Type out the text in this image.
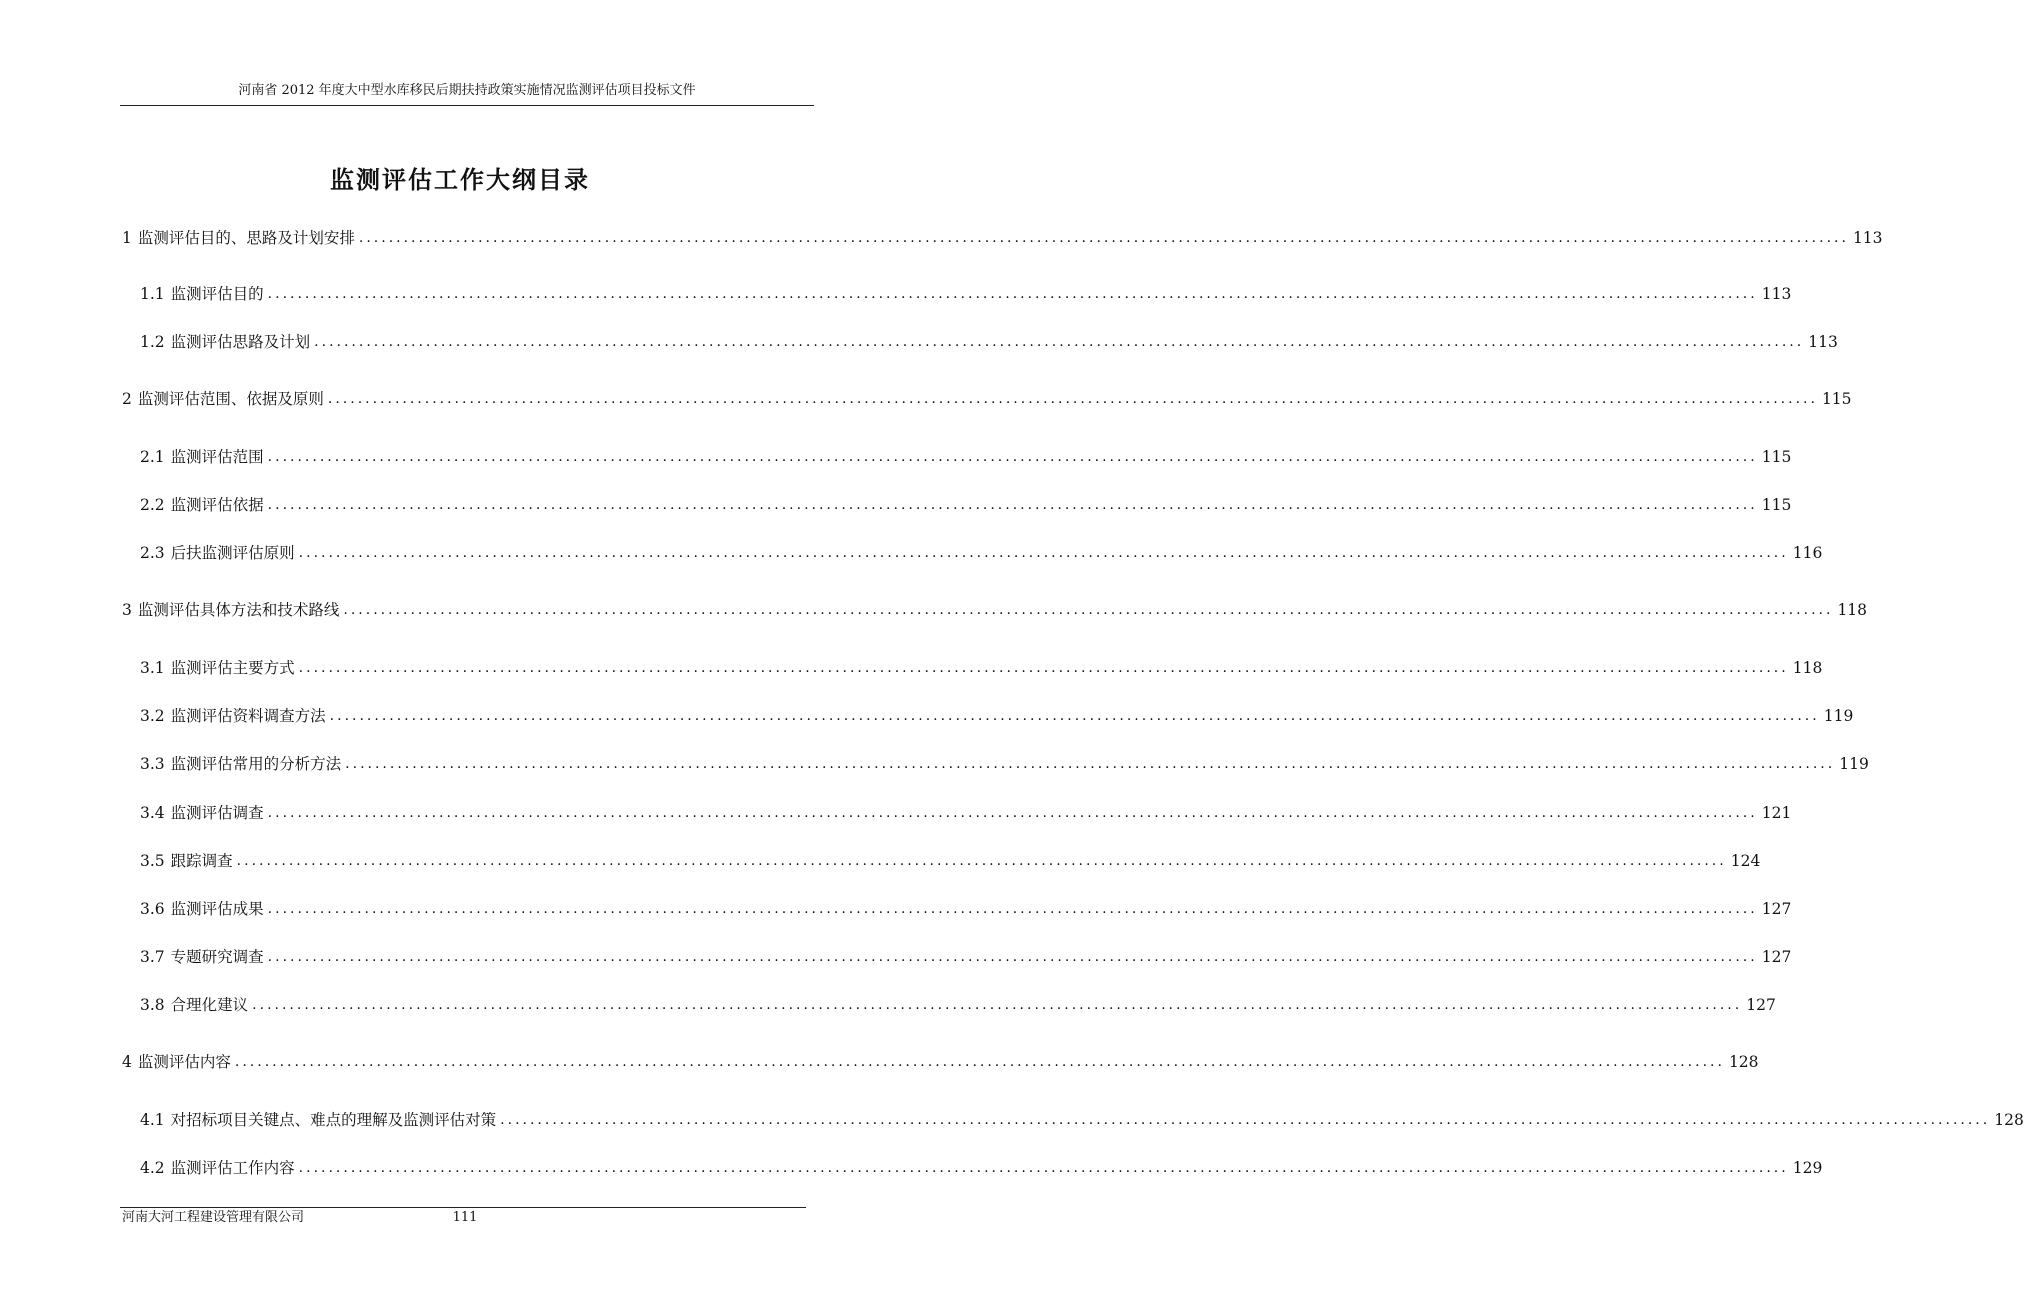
河南省 2012 年度大中型水库移民后期扶持政策实施情况监测评估项目投标文件
监测评估工作大纲目录
1 监测评估目的、思路及计划安排 ........................................................................................................................................................................................................ 113
1.1 监测评估目的 ........................................................................................................................................................................................................ 113
1.2 监测评估思路及计划 ........................................................................................................................................................................................................ 113
2 监测评估范围、依据及原则 ........................................................................................................................................................................................................ 115
2.1 监测评估范围 ........................................................................................................................................................................................................ 115
2.2 监测评估依据 ........................................................................................................................................................................................................ 115
2.3 后扶监测评估原则 ........................................................................................................................................................................................................ 116
3 监测评估具体方法和技术路线 ........................................................................................................................................................................................................ 118
3.1 监测评估主要方式 ........................................................................................................................................................................................................ 118
3.2 监测评估资料调查方法 ........................................................................................................................................................................................................ 119
3.3 监测评估常用的分析方法 ........................................................................................................................................................................................................ 119
3.4 监测评估调查 ........................................................................................................................................................................................................ 121
3.5 跟踪调查 ........................................................................................................................................................................................................ 124
3.6 监测评估成果 ........................................................................................................................................................................................................ 127
3.7 专题研究调查 ........................................................................................................................................................................................................ 127
3.8 合理化建议 ........................................................................................................................................................................................................ 127
4 监测评估内容 ........................................................................................................................................................................................................ 128
4.1 对招标项目关键点、难点的理解及监测评估对策 ........................................................................................................................................................................................................ 128
4.2 监测评估工作内容 ........................................................................................................................................................................................................ 129
河南大河工程建设管理有限公司	111
